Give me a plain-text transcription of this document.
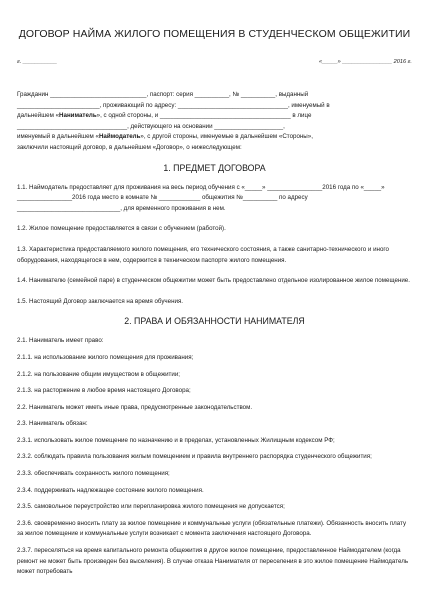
ДОГОВОР НАЙМА ЖИЛОГО ПОМЕЩЕНИЯ В СТУДЕНЧЕСКОМ ОБЩЕЖИТИИ
г. ___________	«_____» ________________ 2016 г.

Гражданин ____________________________, паспорт: серия __________, № __________, выданный

________________________, проживающий по адресу: ________________________________, именуемый в

дальнейшем «Наниматель», с одной стороны, и ______________________________________ в лице

________________________________, действующего на основании ____________________,

именуемый в дальнейшем «Наймодатель», с другой стороны, именуемые в дальнейшем «Стороны»,

заключили настоящий договор, в дальнейшем «Договор», о нижеследующем:

1. ПРЕДМЕТ ДОГОВОРА

1.1. Наймодатель предоставляет для проживания на весь период обучения с «_____» ________________2016 года по «_____» ________________2016 года место в комнате № ____________ общежития №__________ по адресу ______________________________, для временного проживания в нем.

1.2. Жилое помещение предоставляется в связи с обучением (работой).

1.3. Характеристика предоставляемого жилого помещения, его технического состояния, а также санитарно-технического и иного оборудования, находящегося в нем, содержится в техническом паспорте жилого помещения.

1.4. Нанимателю (семейной паре) в студенческом общежитии может быть предоставлено отдельное изолированное жилое помещение.

1.5. Настоящий Договор заключается на время обучения.

2. ПРАВА И ОБЯЗАННОСТИ НАНИМАТЕЛЯ

2.1. Наниматель имеет право:

2.1.1. на использование жилого помещения для проживания;

2.1.2. на пользование общим имуществом в общежитии;

2.1.3. на расторжение в любое время настоящего Договора;

2.2. Наниматель может иметь иные права, предусмотренные законодательством.

2.3. Наниматель обязан:

2.3.1. использовать жилое помещение по назначению и в пределах, установленных Жилищным кодексом РФ;

2.3.2. соблюдать правила пользования жилым помещением и правила внутреннего распорядка студенческого общежития;

2.3.3. обеспечивать сохранность жилого помещения;

2.3.4. поддерживать надлежащее состояние жилого помещения.

2.3.5. самовольное переустройство или перепланировка жилого помещения не допускается;

2.3.6. своевременно вносить плату за жилое помещение и коммунальные услуги (обязательные платежи). Обязанность вносить плату за жилое помещение и коммунальные услуги возникает с момента заключения настоящего Договора.

2.3.7. переселяться на время капитального ремонта общежития в другое жилое помещение, предоставленное Наймодателем (когда ремонт не может быть произведен без выселения). В случае отказа Нанимателя от переселения в это жилое помещение Наймодатель может потребовать
